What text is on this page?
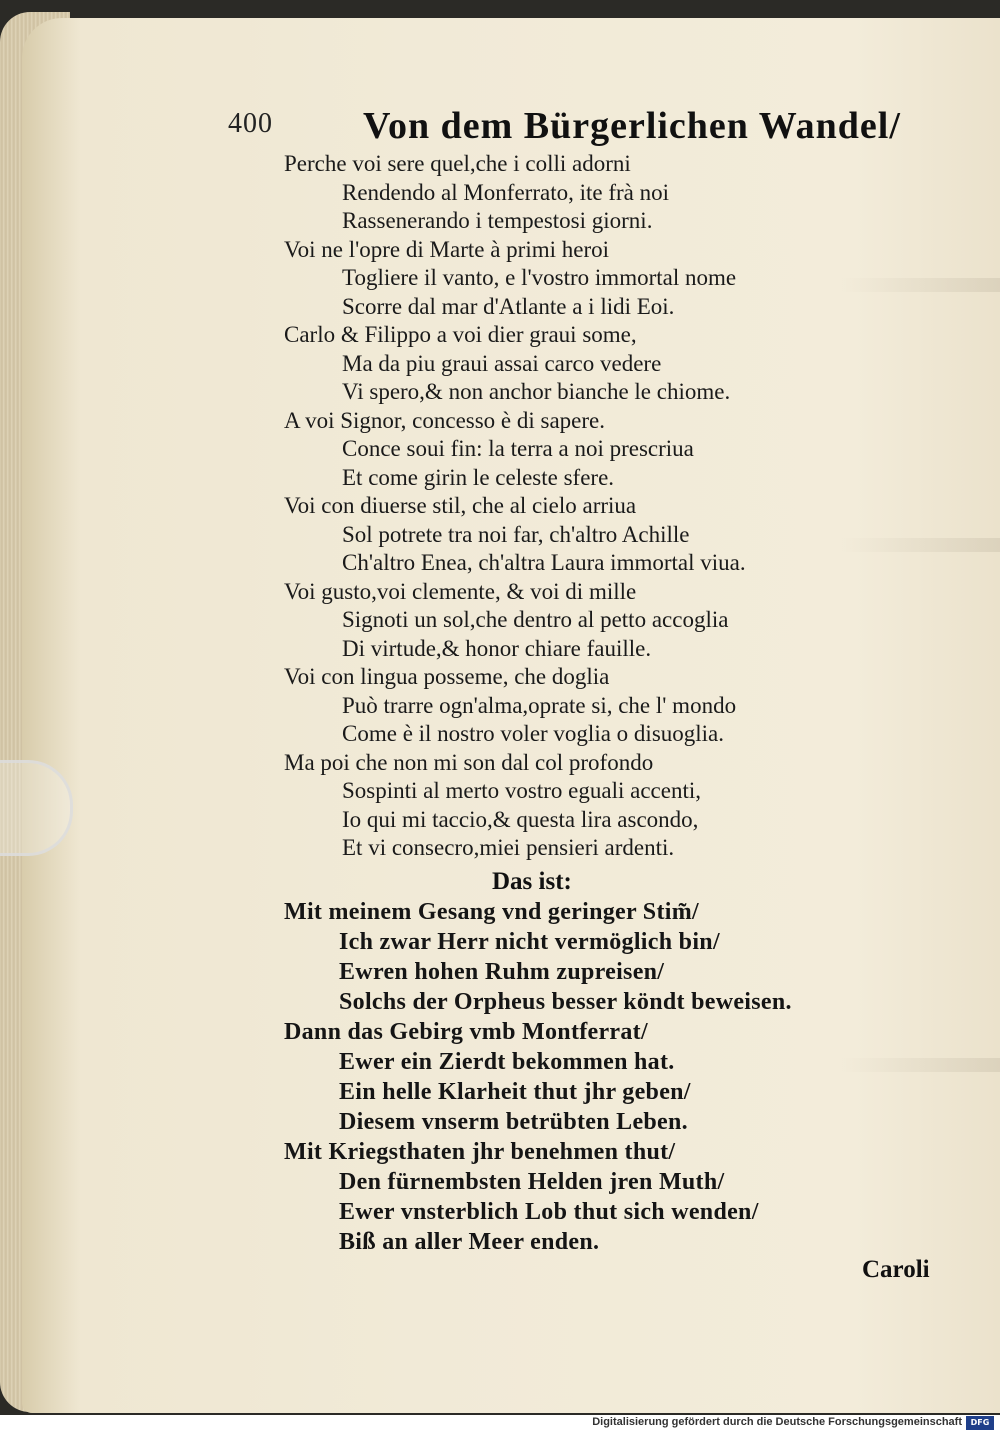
400 Von dem Bürgerlichen Wandel/
Perche voi sere quel,che i colli adorni
Rendendo al Monferrato, ite frà noi
Rassenerando i tempestosi giorni.
Voi ne l'opre di Marte à primi heroi
Togliere il vanto, e l'vostro immortal nome
Scorre dal mar d'Atlante a i lidi Eoi.
Carlo & Filippo a voi dier graui some,
Ma da piu graui assai carco vedere
Vi spero,& non anchor bianche le chiome.
A voi Signor, concesso è di sapere.
Conce soui fin: la terra a noi prescriua
Et come girin le celeste sfere.
Voi con diuerse stil, che al cielo arriua
Sol potrete tra noi far, ch'altro Achille
Ch'altro Enea, ch'altra Laura immortal viua.
Voi gusto,voi clemente, & voi di mille
Signoti un sol,che dentro al petto accoglia
Di virtude,& honor chiare fauille.
Voi con lingua posseme, che doglia
Può trarre ogn'alma,oprate si, che l' mondo
Come è il nostro voler voglia o disuoglia.
Ma poi che non mi son dal col profondo
Sospinti al merto vostro eguali accenti,
Io qui mi taccio,& questa lira ascondo,
Et vi consecro,miei pensieri ardenti.
Das ist:
Mit meinem Gesang vnd geringer Stim̃/
Ich zwar Herr nicht vermöglich bin/
Ewren hohen Ruhm zupreisen/
Solchs der Orpheus besser köndt beweisen.
Dann das Gebirg vmb Montferrat/
Ewer ein Zierdt bekommen hat.
Ein helle Klarheit thut jhr geben/
Diesem vnserm betrübten Leben.
Mit Kriegsthaten jhr benehmen thut/
Den fürnembsten Helden jren Muth/
Ewer vnsterblich Lob thut sich wenden/
Biß an aller Meer enden.
Caroli
Digitalisierung gefördert durch die Deutsche Forschungsgemeinschaft	DFG
